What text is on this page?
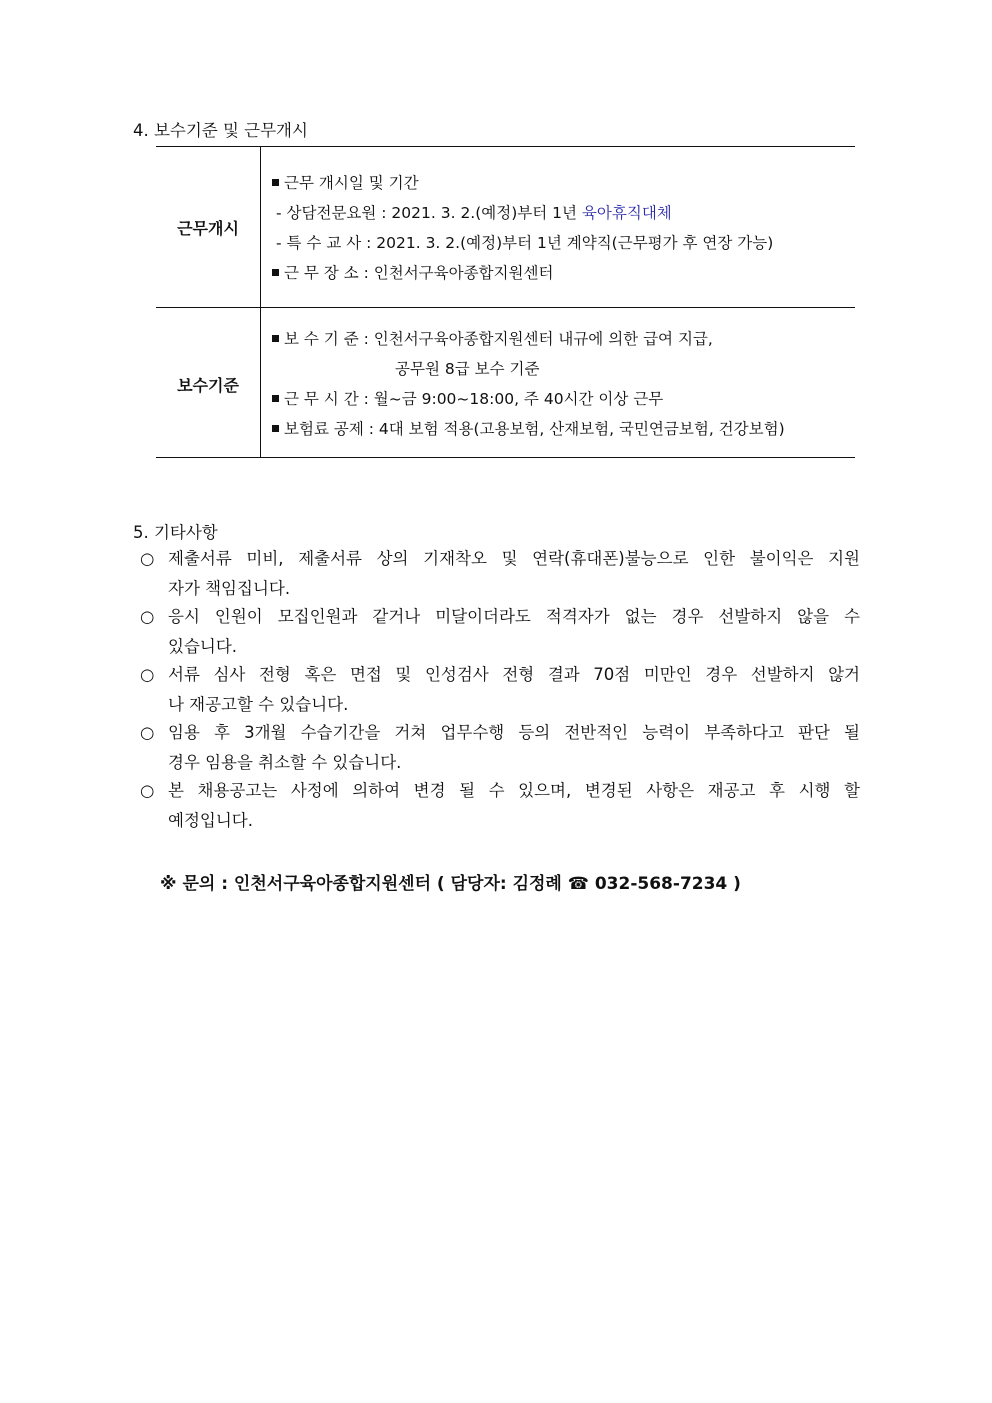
4. 보수기준 및 근무개시
근무개시
근무 개시일 및 기간
- 상담전문요원 : 2021. 3. 2.(예정)부터 1년 육아휴직대체
- 특 수 교 사 : 2021. 3. 2.(예정)부터 1년 계약직(근무평가 후 연장 가능)
근 무 장 소 : 인천서구육아종합지원센터
보수기준
보 수 기 준 : 인천서구육아종합지원센터 내규에 의한 급여 지급,
공무원 8급 보수 기준
근 무 시 간 : 월~금 9:00~18:00, 주 40시간 이상 근무
보험료 공제 : 4대 보험 적용(고용보험, 산재보험, 국민연금보험, 건강보험)
5. 기타사항
○ 제출서류 미비, 제출서류 상의 기재착오 및 연락(휴대폰)불능으로 인한 불이익은 지원
자가 책임집니다.
○ 응시 인원이 모집인원과 같거나 미달이더라도 적격자가 없는 경우 선발하지 않을 수
있습니다.
○ 서류 심사 전형 혹은 면접 및 인성검사 전형 결과 70점 미만인 경우 선발하지 않거
나 재공고할 수 있습니다.
○ 임용 후 3개월 수습기간을 거쳐 업무수행 등의 전반적인 능력이 부족하다고 판단 될
경우 임용을 취소할 수 있습니다.
○ 본 채용공고는 사정에 의하여 변경 될 수 있으며, 변경된 사항은 재공고 후 시행 할
예정입니다.
※ 문의 : 인천서구육아종합지원센터 ( 담당자: 김정례 ☎ 032-568-7234 )
